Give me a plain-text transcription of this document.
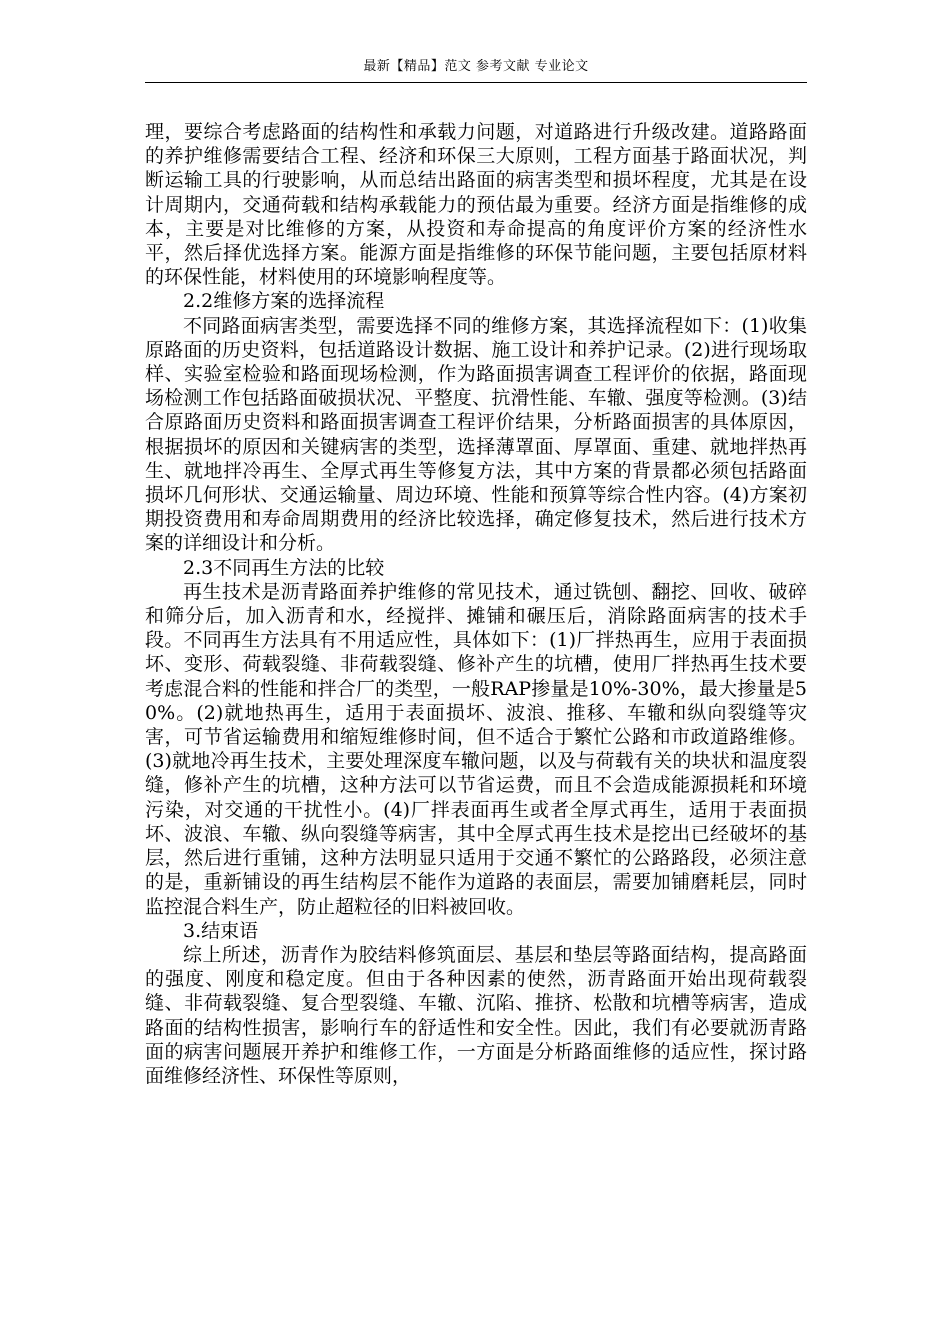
最新【精品】范文 参考文献 专业论文

理，要综合考虑路面的结构性和承载力问题，对道路进行升级改建。道路路面的养护维修需要结合工程、经济和环保三大原则，工程方面基于路面状况，判断运输工具的行驶影响，从而总结出路面的病害类型和损坏程度，尤其是在设计周期内，交通荷载和结构承载能力的预估最为重要。经济方面是指维修的成本，主要是对比维修的方案，从投资和寿命提高的角度评价方案的经济性水平，然后择优选择方案。能源方面是指维修的环保节能问题，主要包括原材料的环保性能，材料使用的环境影响程度等。

2.2维修方案的选择流程

不同路面病害类型，需要选择不同的维修方案，其选择流程如下：(1)收集原路面的历史资料，包括道路设计数据、施工设计和养护记录。(2)进行现场取样、实验室检验和路面现场检测，作为路面损害调查工程评价的依据，路面现场检测工作包括路面破损状况、平整度、抗滑性能、车辙、强度等检测。(3)结合原路面历史资料和路面损害调查工程评价结果，分析路面损害的具体原因，根据损坏的原因和关键病害的类型，选择薄罩面、厚罩面、重建、就地拌热再生、就地拌冷再生、全厚式再生等修复方法，其中方案的背景都必须包括路面损坏几何形状、交通运输量、周边环境、性能和预算等综合性内容。(4)方案初期投资费用和寿命周期费用的经济比较选择，确定修复技术，然后进行技术方案的详细设计和分析。

2.3不同再生方法的比较

再生技术是沥青路面养护维修的常见技术，通过铣刨、翻挖、回收、破碎和筛分后，加入沥青和水，经搅拌、摊铺和碾压后，消除路面病害的技术手段。不同再生方法具有不用适应性，具体如下：(1)厂拌热再生，应用于表面损坏、变形、荷载裂缝、非荷载裂缝、修补产生的坑槽，使用厂拌热再生技术要考虑混合料的性能和拌合厂的类型，一般RAP掺量是10%-30%，最大掺量是50%。(2)就地热再生，适用于表面损坏、波浪、推移、车辙和纵向裂缝等灾害，可节省运输费用和缩短维修时间，但不适合于繁忙公路和市政道路维修。(3)就地冷再生技术，主要处理深度车辙问题，以及与荷载有关的块状和温度裂缝，修补产生的坑槽，这种方法可以节省运费，而且不会造成能源损耗和环境污染，对交通的干扰性小。(4)厂拌表面再生或者全厚式再生，适用于表面损坏、波浪、车辙、纵向裂缝等病害，其中全厚式再生技术是挖出已经破坏的基层，然后进行重铺，这种方法明显只适用于交通不繁忙的公路路段，必须注意的是，重新铺设的再生结构层不能作为道路的表面层，需要加铺磨耗层，同时监控混合料生产，防止超粒径的旧料被回收。

3.结束语

综上所述，沥青作为胶结料修筑面层、基层和垫层等路面结构，提高路面的强度、刚度和稳定度。但由于各种因素的使然，沥青路面开始出现荷载裂缝、非荷载裂缝、复合型裂缝、车辙、沉陷、推挤、松散和坑槽等病害，造成路面的结构性损害，影响行车的舒适性和安全性。因此，我们有必要就沥青路面的病害问题展开养护和维修工作，一方面是分析路面维修的适应性，探讨路面维修经济性、环保性等原则，
